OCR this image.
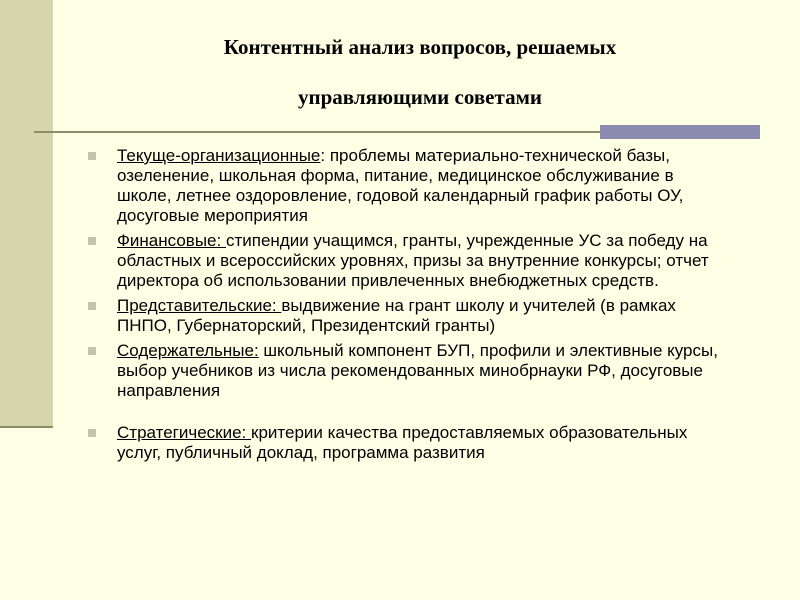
Контентный анализ вопросов, решаемых
управляющими советами
Текуще-организационные: проблемы материально-технической базы, озеленение, школьная форма, питание, медицинское обслуживание в школе, летнее оздоровление, годовой календарный график работы ОУ, досуговые мероприятия
Финансовые: стипендии учащимся, гранты, учрежденные УС за победу на областных и всероссийских уровнях, призы за внутренние конкурсы; отчет директора об использовании привлеченных внебюджетных средств.
Представительские: выдвижение на грант школу и учителей (в рамках ПНПО, Губернаторский, Президентский гранты)
Содержательные: школьный компонент БУП, профили и элективные курсы, выбор учебников из числа рекомендованных минобрнауки РФ, досуговые направления
Стратегические: критерии качества предоставляемых образовательных услуг, публичный доклад, программа развития
